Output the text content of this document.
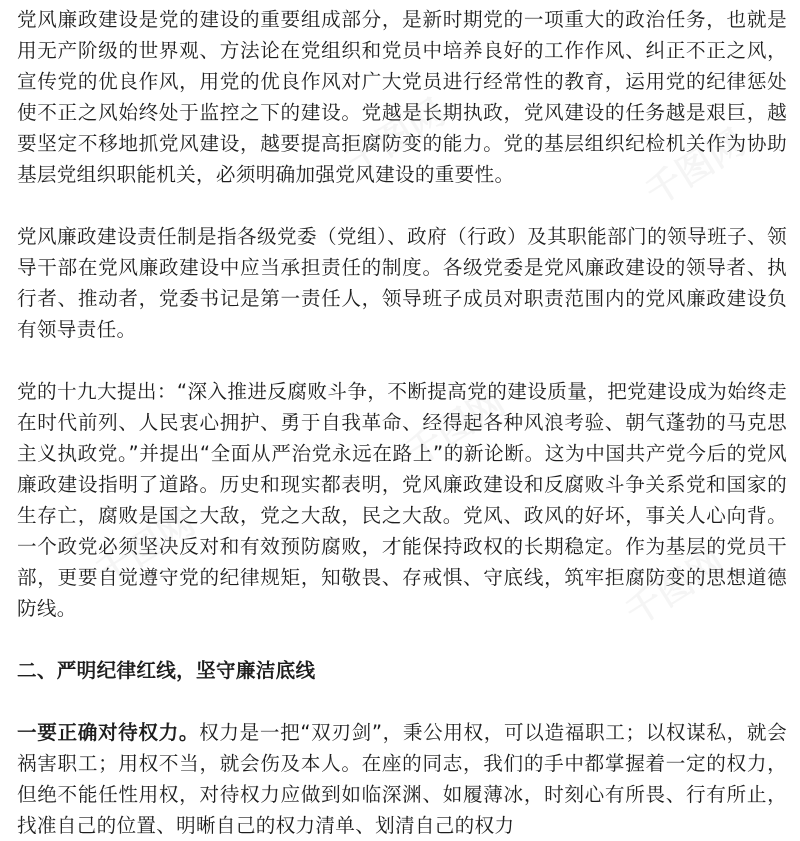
党风廉政建设是党的建设的重要组成部分，是新时期党的一项重大的政治任务，也就是用无产阶级的世界观、方法论在党组织和党员中培养良好的工作作风、纠正不正之风，宣传党的优良作风，用党的优良作风对广大党员进行经常性的教育，运用党的纪律惩处使不正之风始终处于监控之下的建设。党越是长期执政，党风建设的任务越是艰巨，越要坚定不移地抓党风建设，越要提高拒腐防变的能力。党的基层组织纪检机关作为协助基层党组织职能机关，必须明确加强党风建设的重要性。

党风廉政建设责任制是指各级党委（党组）、政府（行政）及其职能部门的领导班子、领导干部在党风廉政建设中应当承担责任的制度。各级党委是党风廉政建设的领导者、执行者、推动者，党委书记是第一责任人，领导班子成员对职责范围内的党风廉政建设负有领导责任。

党的十九大提出：“深入推进反腐败斗争，不断提高党的建设质量，把党建设成为始终走在时代前列、人民衷心拥护、勇于自我革命、经得起各种风浪考验、朝气蓬勃的马克思主义执政党。”并提出“全面从严治党永远在路上”的新论断。这为中国共产党今后的党风廉政建设指明了道路。历史和现实都表明，党风廉政建设和反腐败斗争关系党和国家的生存亡，腐败是国之大敌，党之大敌，民之大敌。党风、政风的好坏，事关人心向背。一个政党必须坚决反对和有效预防腐败，才能保持政权的长期稳定。作为基层的党员干部，更要自觉遵守党的纪律规矩，知敬畏、存戒惧、守底线，筑牢拒腐防变的思想道德防线。

二、严明纪律红线，坚守廉洁底线

一要正确对待权力。权力是一把“双刃剑”，秉公用权，可以造福职工；以权谋私，就会祸害职工；用权不当，就会伤及本人。在座的同志，我们的手中都掌握着一定的权力，但绝不能任性用权，对待权力应做到如临深渊、如履薄冰，时刻心有所畏、行有所止，找准自己的位置、明晰自己的权力清单、划清自己的权力
